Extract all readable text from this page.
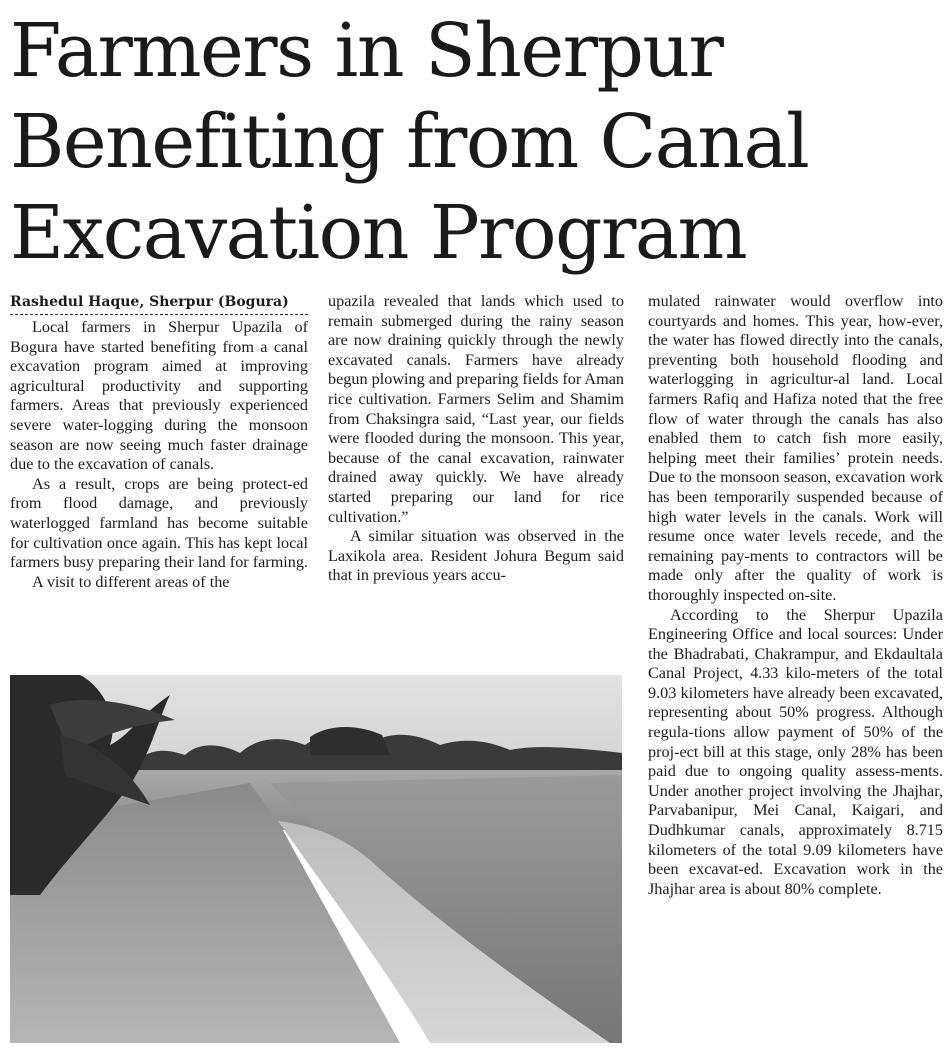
Farmers in Sherpur
Benefiting from Canal
Excavation Program
Rashedul Haque, Sherpur (Bogura)

Local farmers in Sherpur Upazila of Bogura have started benefiting from a canal excavation program aimed at improving agricultural productivity and supporting farmers. Areas that previously experienced severe water-logging during the monsoon season are now seeing much faster drainage due to the excavation of canals.

As a result, crops are being protect-ed from flood damage, and previously waterlogged farmland has become suitable for cultivation once again. This has kept local farmers busy preparing their land for farming.

A visit to different areas of the

upazila revealed that lands which used to remain submerged during the rainy season are now draining quickly through the newly excavated canals. Farmers have already begun plowing and preparing fields for Aman rice cultivation. Farmers Selim and Shamim from Chaksingra said, “Last year, our fields were flooded during the monsoon. This year, because of the canal excavation, rainwater drained away quickly. We have already started preparing our land for rice cultivation.”

A similar situation was observed in the Laxikola area. Resident Johura Begum said that in previous years accu-

mulated rainwater would overflow into courtyards and homes. This year, how-ever, the water has flowed directly into the canals, preventing both household flooding and waterlogging in agricultur-al land. Local farmers Rafiq and Hafiza noted that the free flow of water through the canals has also enabled them to catch fish more easily, helping meet their families’ protein needs. Due to the monsoon season, excavation work has been temporarily suspended because of high water levels in the canals. Work will resume once water levels recede, and the remaining pay-ments to contractors will be made only after the quality of work is thoroughly inspected on-site.

According to the Sherpur Upazila Engineering Office and local sources: Under the Bhadrabati, Chakrampur, and Ekdaultala Canal Project, 4.33 kilo-meters of the total 9.03 kilometers have already been excavated, representing about 50% progress. Although regula-tions allow payment of 50% of the proj-ect bill at this stage, only 28% has been paid due to ongoing quality assess-ments. Under another project involving the Jhajhar, Parvabanipur, Mei Canal, Kaigari, and Dudhkumar canals, approximately 8.715 kilometers of the total 9.09 kilometers have been excavat-ed. Excavation work in the Jhajhar area is about 80% complete.
